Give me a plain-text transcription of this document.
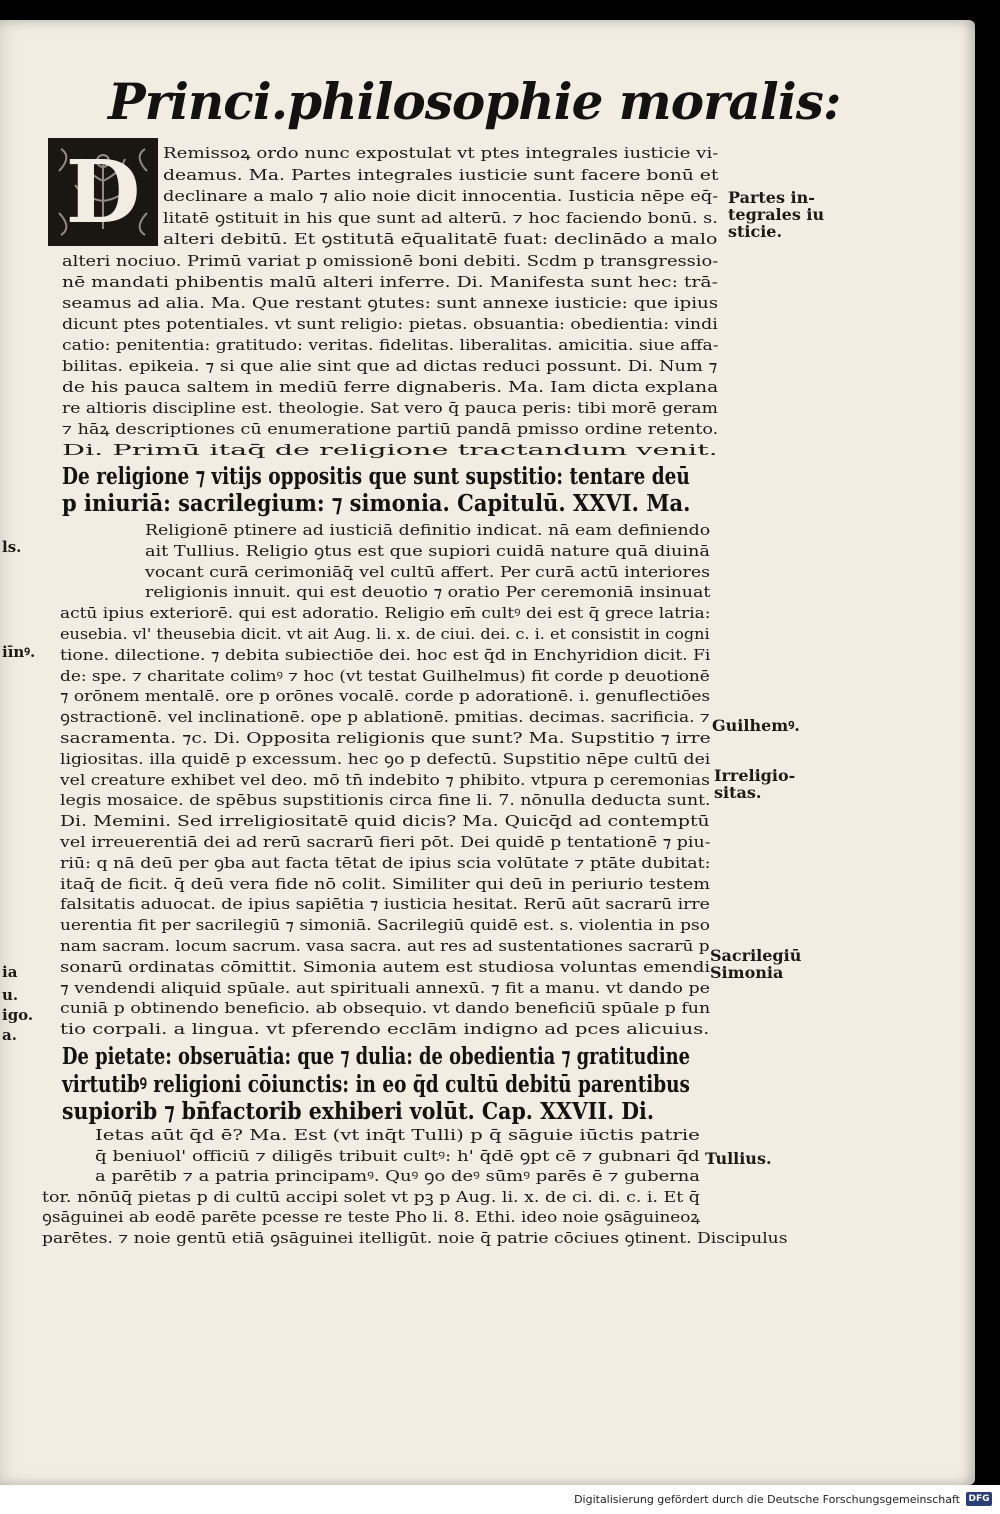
Princi.philosophie moralis:
D	Remissoꝝ ordo nunc expostulat vt ptes integrales iusticie vi-
deamus. Ma. Partes integrales iusticie sunt facere bonū et
declinare a malo ⁊ alio noie dicit innocentia. Iusticia nēpe eq̄-
litatē ꝯstituit in his que sunt ad alterū. ⁊ hoc faciendo bonū. s.
alteri debitū. Et ꝯstitutā eq̄ualitatē fuat: declinādo a malo
alteri nociuo. Primū variat p omissionē boni debiti. Scdm p transgressio-
nē mandati phibentis malū alteri inferre. Di. Manifesta sunt hec: trā-
seamus ad alia. Ma. Que restant ꝯtutes: sunt annexe iusticie: que ipius
dicunt ptes potentiales. vt sunt religio: pietas. obsuantia: obedientia: vindi
catio: penitentia: gratitudo: veritas. fidelitas. liberalitas. amicitia. siue affa-
bilitas. epikeia. ⁊ si que alie sint que ad dictas reduci possunt. Di. Num ⁊
de his pauca saltem in mediū ferre dignaberis. Ma. Iam dicta explana
re altioris discipline est. theologie. Sat vero q̄ pauca peris: tibi morē geram
⁊ hāꝝ descriptiones cū enumeratione partiū pandā pmisso ordine retento.
Di. Primū itaq̄ de religione tractandum venit.
De religione ⁊ vitijs oppositis que sunt supstitio: tentare deū
p iniuriā: sacrilegium: ⁊ simonia. Capitulū. XXVI. Ma.
Religionē ptinere ad iusticiā definitio indicat. nā eam definiendo
ait Tullius. Religio ꝯtus est que supiori cuidā nature quā diuinā
vocant curā cerimoniāq̄ vel cultū affert. Per curā actū interiores
religionis innuit. qui est deuotio ⁊ oratio Per ceremoniā insinuat
actū ipius exteriorē. qui est adoratio. Religio em̄ cultꝰ dei est q̄ grece latria:
eusebia. vl' theusebia dicit. vt ait Aug. li. x. de ciui. dei. c. i. et consistit in cogni
tione. dilectione. ⁊ debita subiectiōe dei. hoc est q̄d in Enchyridion dicit. Fi
de: spe. ⁊ charitate colimꝰ ⁊ hoc (vt testat Guilhelmus) fit corde p deuotionē
⁊ orōnem mentalē. ore p orōnes vocalē. corde p adorationē. i. genuflectiōes
ꝯstractionē. vel inclinationē. ope p ablationē. pmitias. decimas. sacrificia. ⁊
sacramenta. ⁊c. Di. Opposita religionis que sunt? Ma. Supstitio ⁊ irre
ligiositas. illa quidē p excessum. hec ꝯo p defectū. Supstitio nēpe cultū dei
vel creature exhibet vel deo. mō tn̄ indebito ⁊ phibito. vtpura p ceremonias
legis mosaice. de spēbus supstitionis circa fine li. 7. nōnulla deducta sunt.
Di. Memini. Sed irreligiositatē quid dicis? Ma. Quicq̄d ad contemptū
vel irreuerentiā dei ad rerū sacrarū fieri pōt. Dei quidē p tentationē ⁊ piu-
riū: q nā deū per ꝯba aut facta tētat de ipius scia volūtate ⁊ ptāte dubitat:
itaq̄ de ficit. q̄ deū vera fide nō colit. Similiter qui deū in periurio testem
falsitatis aduocat. de ipius sapiētia ⁊ iusticia hesitat. Rerū aūt sacrarū irre
uerentia fit per sacrilegiū ⁊ simoniā. Sacrilegiū quidē est. s. violentia in pso
nam sacram. locum sacrum. vasa sacra. aut res ad sustentationes sacrarū p
sonarū ordinatas cōmittit. Simonia autem est studiosa voluntas emendi
⁊ vendendi aliquid spūale. aut spirituali annexū. ⁊ fit a manu. vt dando pe
cuniā p obtinendo beneficio. ab obsequio. vt dando beneficiū spūale p fun
tio corpali. a lingua. vt pferendo ecclām indigno ad pces alicuius.
De pietate: obseruātia: que ⁊ dulia: de obedientia ⁊ gratitudine
virtutibꝰ religioni cōiunctis: in eo q̄d cultū debitū parentibus
supiorib ⁊ bn̄factorib exhiberi volūt. Cap. XXVII. Di.
Ietas aūt q̄d ē? Ma. Est (vt inq̄t Tulli) p q̄ sāguie iūctis patrie
q̄ beniuol' officiū ⁊ diligēs tribuit cultꝰ: h' q̄dē ꝯpt cē ⁊ gubnari q̄d
a parētib ⁊ a patria principamꝰ. Quꝰ ꝯo deꝰ sūmꝰ parēs ē ⁊ guberna
tor. nōnūq̄ pietas p di cultū accipi solet vt pꝫ p Aug. li. x. de ci. di. c. i. Et q̄
ꝯsāguinei ab eodē parēte pcesse re teste Pho li. 8. Ethi. ideo noie ꝯsāguineoꝝ
parētes. ⁊ noie gentū etiā ꝯsāguinei itelligūt. noie q̄ patrie cōciues ꝯtinent. Discipulus
Partes in-
tegrales iu
sticie.
Guilhemꝰ.
Irreligio-
sitas.
Sacrilegiū
Simonia
Tullius.
ls.
iīnꝰ.
ia
u.
igo.
a.
Digitalisierung gefördert durch die Deutsche Forschungsgemeinschaft DFG
